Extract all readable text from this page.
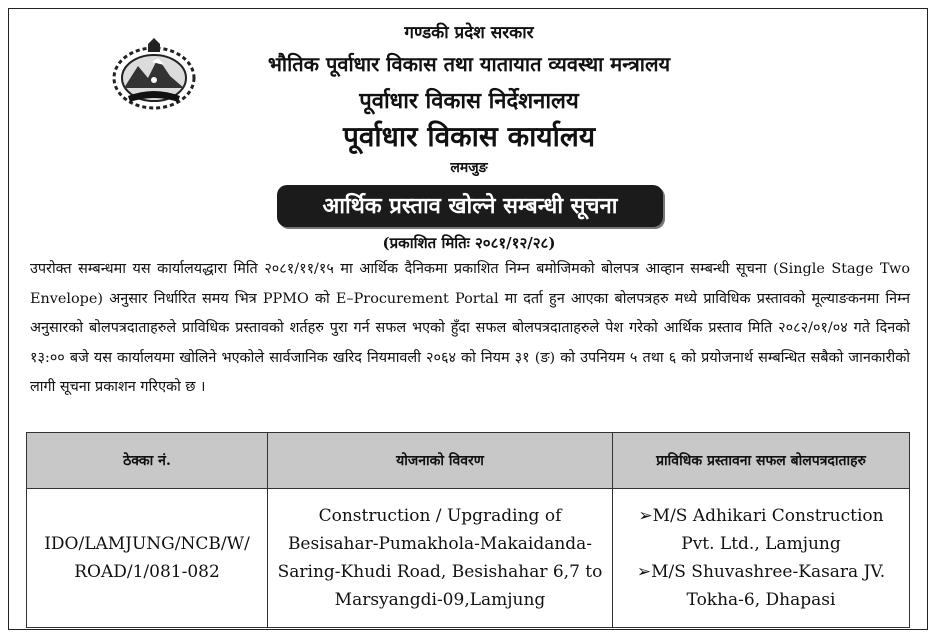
गण्डकी प्रदेश सरकार
भौतिक पूर्वाधार विकास तथा यातायात व्यवस्था मन्त्रालय
पूर्वाधार विकास निर्देशनालय
पूर्वाधार विकास कार्यालय
लमजुङ
आर्थिक प्रस्ताव खोल्ने सम्बन्धी सूचना
(प्रकाशित मितिः २०८१/१२/२८)
उपरोक्त सम्बन्धमा यस कार्यालयद्धारा मिति २०८१/११/१५ मा आर्थिक दैनिकमा प्रकाशित निम्न बमोजिमको बोलपत्र आव्हान सम्बन्धी सूचना (Single Stage Two Envelope) अनुसार निर्धारित समय भित्र PPMO को E–Procurement Portal मा दर्ता हुन आएका बोलपत्रहरु मध्ये प्राविधिक प्रस्तावको मूल्याङकनमा निम्न अनुसारको बोलपत्रदाताहरुले प्राविधिक प्रस्तावको शर्तहरु पुरा गर्न सफल भएको हुँदा सफल बोलपत्रदाताहरुले पेश गरेको आर्थिक प्रस्ताव मिति २०८२/०१/०४ गते दिनको १३:०० बजे यस कार्यालयमा खोलिने भएकोले सार्वजानिक खरिद नियमावली २०६४ को नियम ३१ (ङ) को उपनियम ५ तथा ६ को प्रयोजनार्थ सम्बन्धित सबैको जानकारीको लागी सूचना प्रकाशन गरिएको छ ।
ठेक्का नं.	योजनाको विवरण	प्राविधिक प्रस्तावना सफल बोलपत्रदाताहरु
IDO/LAMJUNG/NCB/W/ ROAD/1/081-082	Construction / Upgrading of Besisahar-Pumakhola-Makaidanda-Saring-Khudi Road, Besishahar 6,7 to Marsyangdi-09,Lamjung	➢M/S Adhikari Construction Pvt. Ltd., Lamjung
➢M/S Shuvashree-Kasara JV. Tokha-6, Dhapasi
